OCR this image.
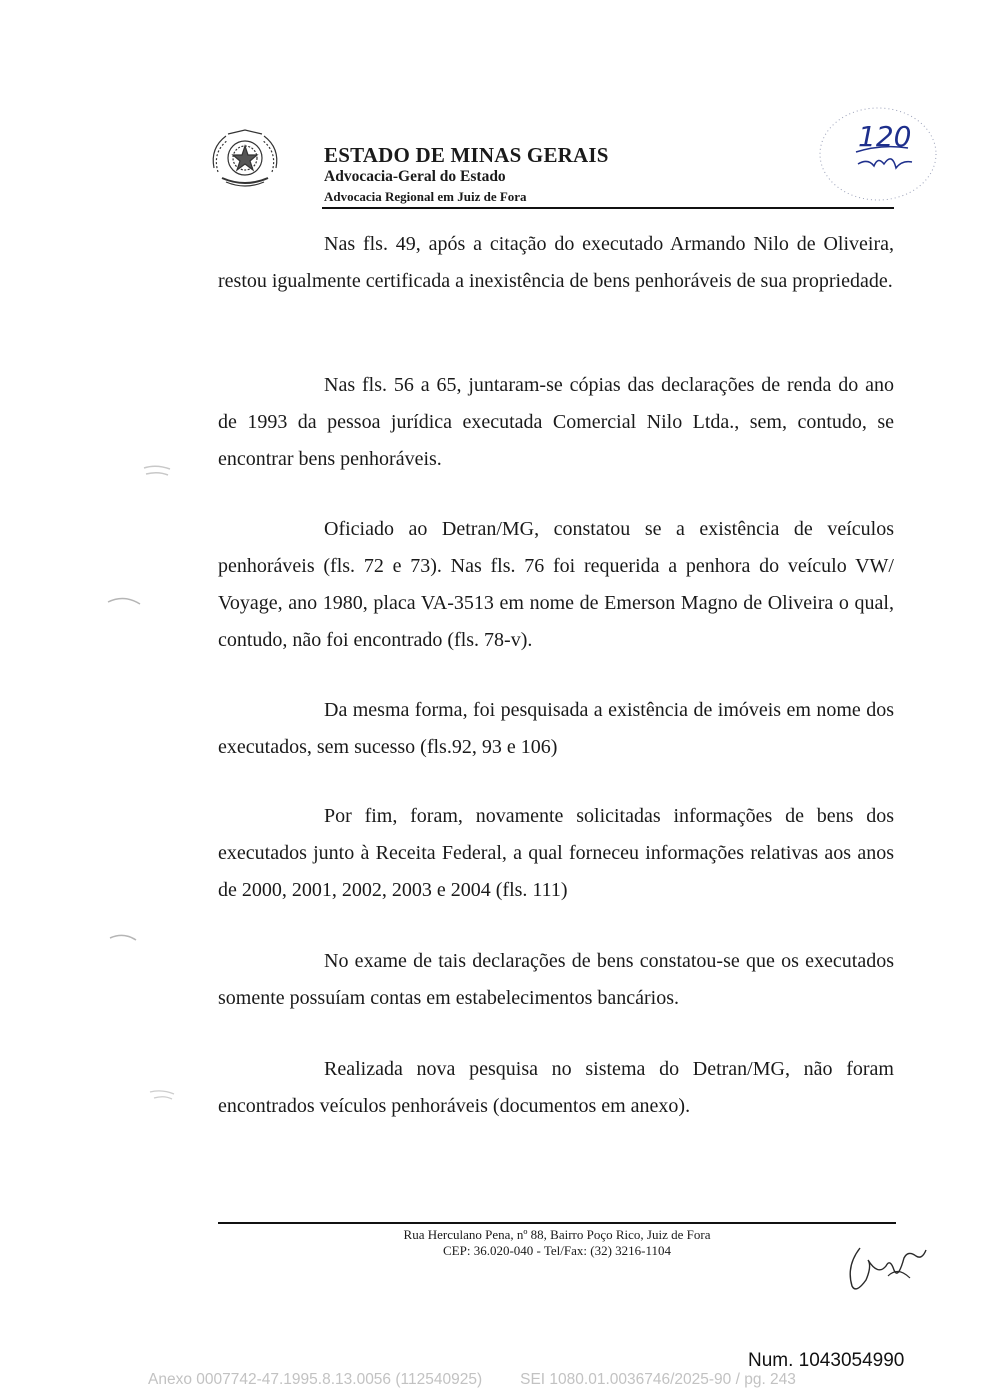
ESTADO DE MINAS GERAIS
Advocacia-Geral do Estado
Advocacia Regional em Juiz de Fora
120

Nas fls. 49, após a citação do executado Armando Nilo de Oliveira, restou igualmente certificada a inexistência de bens penhoráveis de sua propriedade.

Nas fls. 56 a 65, juntaram-se cópias das declarações de renda do ano de 1993 da pessoa jurídica executada Comercial Nilo Ltda., sem, contudo, se encontrar bens penhoráveis.

Oficiado ao Detran/MG, constatou se a existência de veículos penhoráveis (fls. 72 e 73). Nas fls. 76 foi requerida a penhora do veículo VW/ Voyage, ano 1980, placa VA-3513 em nome de Emerson Magno de Oliveira o qual, contudo, não foi encontrado (fls. 78-v).

Da mesma forma, foi pesquisada a existência de imóveis em nome dos executados, sem sucesso (fls.92, 93 e 106)

Por fim, foram, novamente solicitadas informações de bens dos executados junto à Receita Federal, a qual forneceu informações relativas aos anos de 2000, 2001, 2002, 2003 e 2004 (fls. 111)

No exame de tais declarações de bens constatou-se que os executados somente possuíam contas em estabelecimentos bancários.

Realizada nova pesquisa no sistema do Detran/MG, não foram encontrados veículos penhoráveis (documentos em anexo).

Rua Herculano Pena, nº 88, Bairro Poço Rico, Juiz de Fora
CEP: 36.020-040 - Tel/Fax: (32) 3216-1104
Num. 1043054990
Anexo 0007742-47.1995.8.13.0056 (112540925) SEI 1080.01.0036746/2025-90 / pg. 243
